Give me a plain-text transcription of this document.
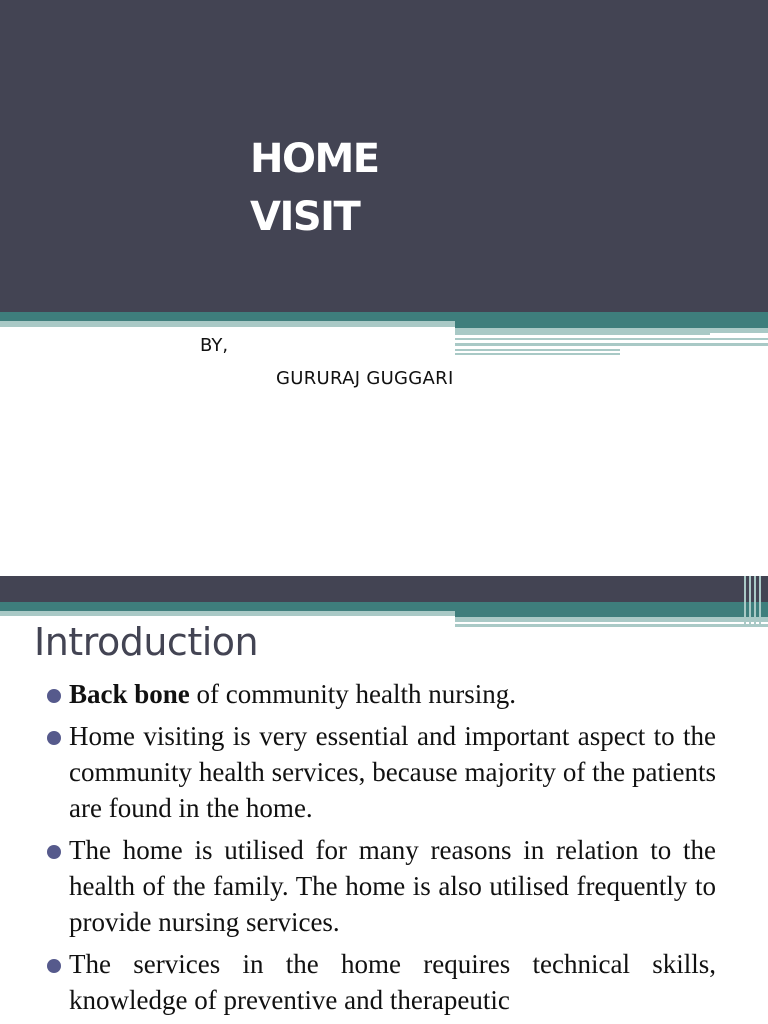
HOME
VISIT
BY,
GURURAJ GUGGARI
Introduction
Back bone of community health nursing.
Home visiting is very essential and important aspect to the community health services, because majority of the patients are found in the home.
The home is utilised for many reasons in relation to the health of the family. The home is also utilised frequently to provide nursing services.
The services in the home requires technical skills, knowledge of preventive and therapeutic
